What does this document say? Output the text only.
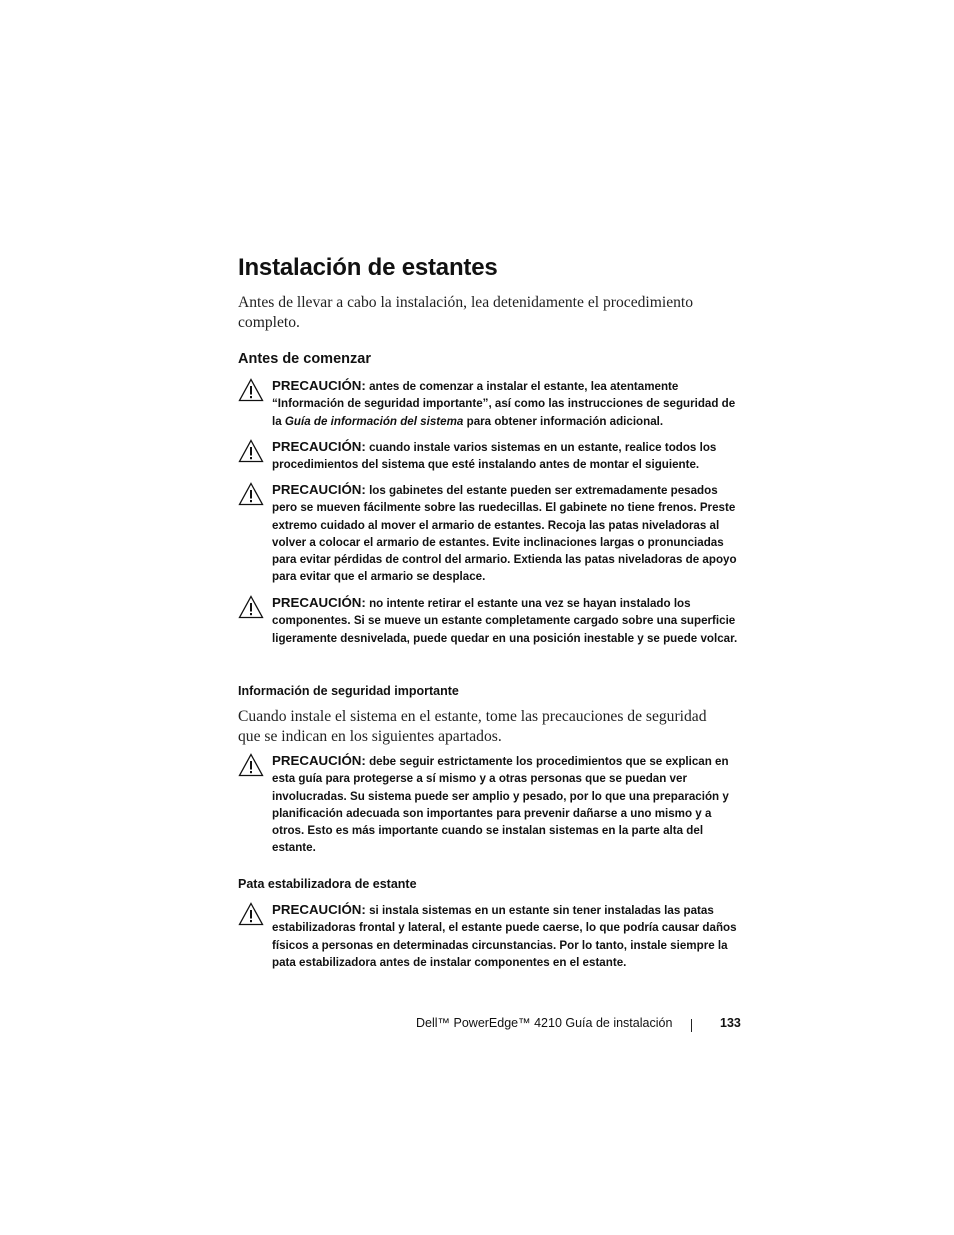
Instalación de estantes

Antes de llevar a cabo la instalación, lea detenidamente el procedimiento completo.

Antes de comenzar
PRECAUCIÓN: antes de comenzar a instalar el estante, lea atentamente “Información de seguridad importante”, así como las instrucciones de seguridad de la Guía de información del sistema para obtener información adicional.
PRECAUCIÓN: cuando instale varios sistemas en un estante, realice todos los procedimientos del sistema que esté instalando antes de montar el siguiente.
PRECAUCIÓN: los gabinetes del estante pueden ser extremadamente pesados pero se mueven fácilmente sobre las ruedecillas. El gabinete no tiene frenos. Preste extremo cuidado al mover el armario de estantes. Recoja las patas niveladoras al volver a colocar el armario de estantes. Evite inclinaciones largas o pronunciadas para evitar pérdidas de control del armario. Extienda las patas niveladoras de apoyo para evitar que el armario se desplace.
PRECAUCIÓN: no intente retirar el estante una vez se hayan instalado los componentes. Si se mueve un estante completamente cargado sobre una superficie ligeramente desnivelada, puede quedar en una posición inestable y se puede volcar.
Información de seguridad importante

Cuando instale el sistema en el estante, tome las precauciones de seguridad que se indican en los siguientes apartados.

PRECAUCIÓN: debe seguir estrictamente los procedimientos que se explican en esta guía para protegerse a sí mismo y a otras personas que se puedan ver involucradas. Su sistema puede ser amplio y pesado, por lo que una preparación y planificación adecuada son importantes para prevenir dañarse a uno mismo y a otros. Esto es más importante cuando se instalan sistemas en la parte alta del estante.
Pata estabilizadora de estante
PRECAUCIÓN: si instala sistemas en un estante sin tener instaladas las patas estabilizadoras frontal y lateral, el estante puede caerse, lo que podría causar daños físicos a personas en determinadas circunstancias. Por lo tanto, instale siempre la pata estabilizadora antes de instalar componentes en el estante.
Dell™ PowerEdge™ 4210 Guía de instalación	133
